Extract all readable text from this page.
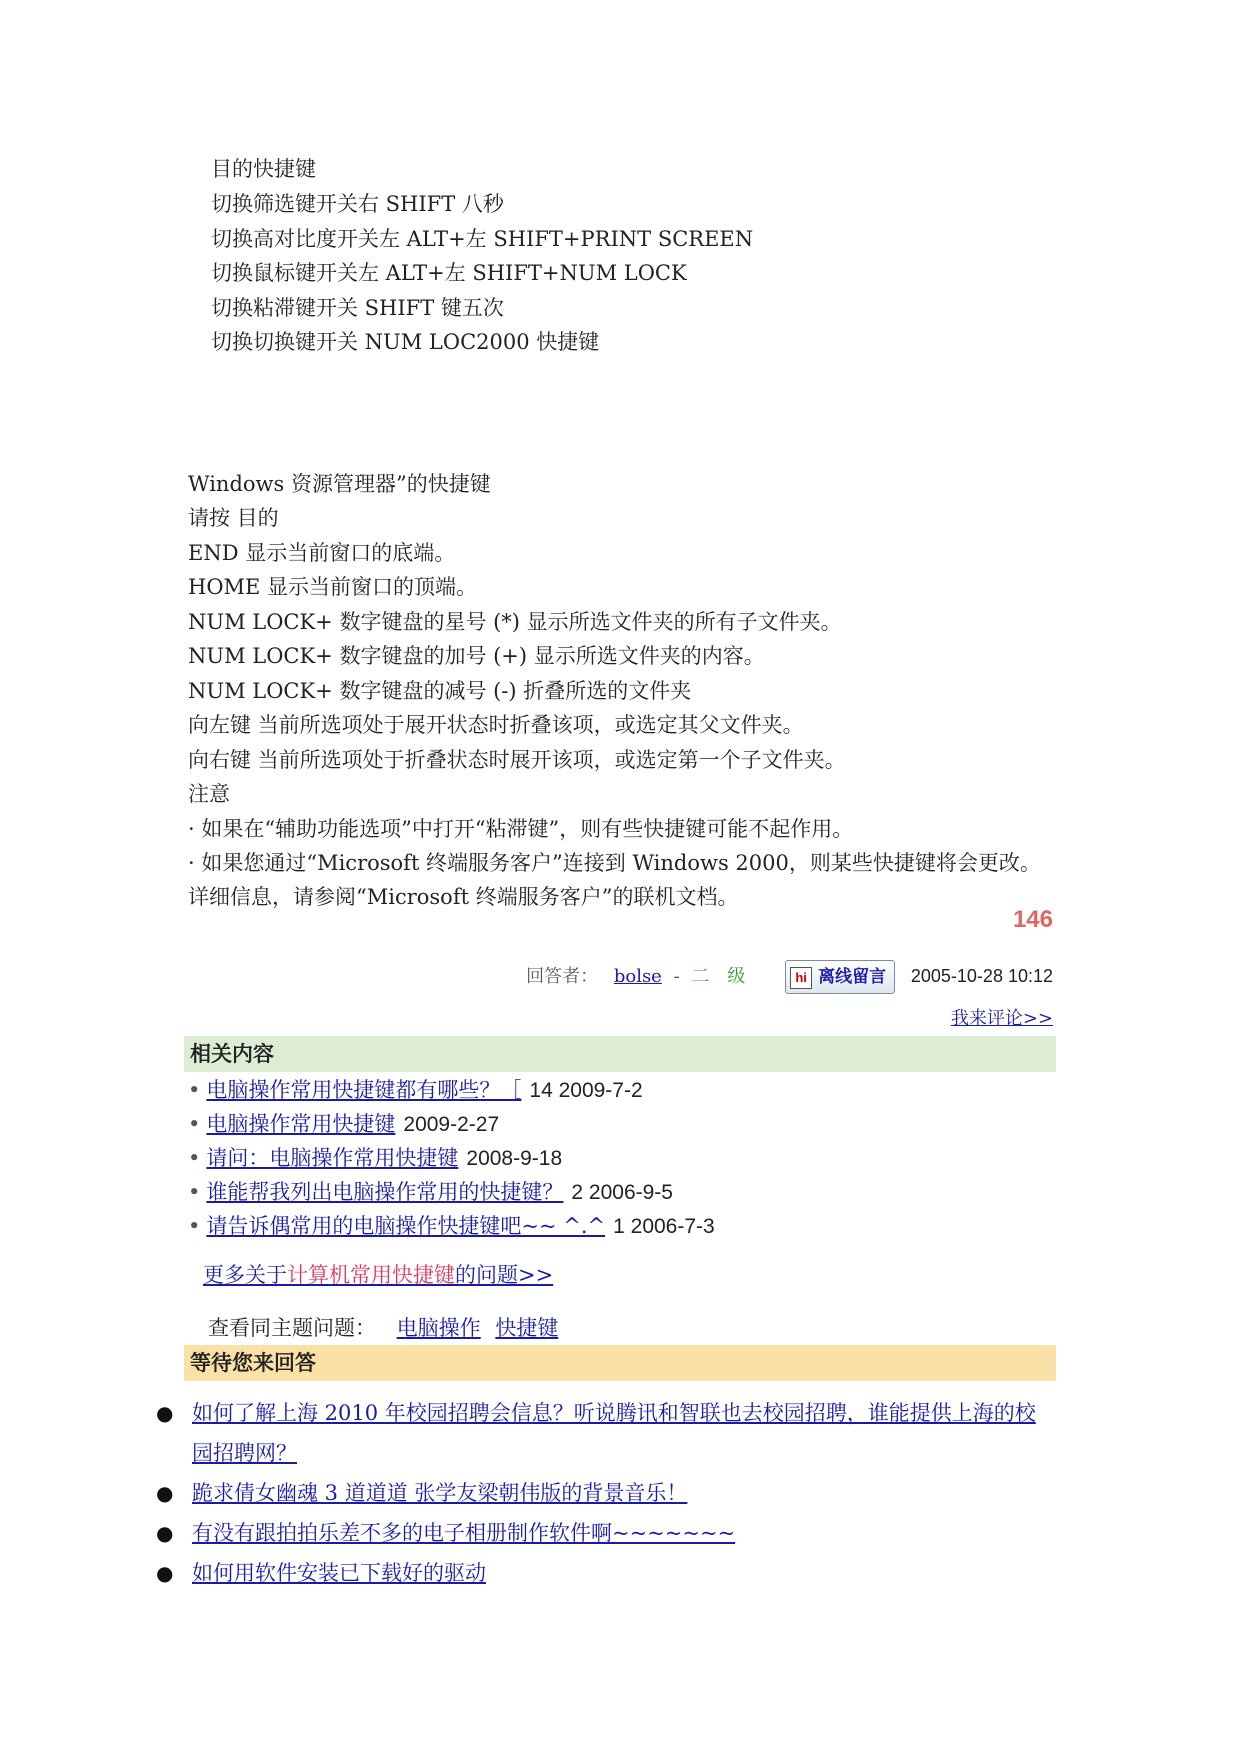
目的快捷键
切换筛选键开关右 SHIFT 八秒
切换高对比度开关左 ALT+左 SHIFT+PRINT SCREEN
切换鼠标键开关左 ALT+左 SHIFT+NUM LOCK
切换粘滞键开关 SHIFT 键五次
切换切换键开关 NUM LOC2000 快捷键
Windows 资源管理器”的快捷键
请按 目的
END 显示当前窗口的底端。
HOME 显示当前窗口的顶端。
NUM LOCK+ 数字键盘的星号 (*) 显示所选文件夹的所有子文件夹。
NUM LOCK+ 数字键盘的加号 (+) 显示所选文件夹的内容。
NUM LOCK+ 数字键盘的减号 (-) 折叠所选的文件夹
向左键 当前所选项处于展开状态时折叠该项，或选定其父文件夹。
向右键 当前所选项处于折叠状态时展开该项，或选定第一个子文件夹。
注意
· 如果在“辅助功能选项”中打开“粘滞键”，则有些快捷键可能不起作用。
· 如果您通过“Microsoft 终端服务客户”连接到 Windows 2000，则某些快捷键将会更改。详细信息，请参阅“Microsoft 终端服务客户”的联机文档。
146
回答者： bolse - 二　级	hi 离线留言 2005-10-28 10:12
我来评论>>
相关内容
• 电脑操作常用快捷键都有哪些？［ 14 2009-7-2
• 电脑操作常用快捷键 2009-2-27
• 请问：电脑操作常用快捷键 2008-9-18
• 谁能帮我列出电脑操作常用的快捷键？ 2 2006-9-5
• 请告诉偶常用的电脑操作快捷键吧~~ ^.^ 1 2006-7-3
更多关于计算机常用快捷键的问题>>
查看同主题问题： 电脑操作 快捷键
等待您来回答
● 如何了解上海 2010 年校园招聘会信息？听说腾讯和智联也去校园招聘，谁能提供上海的校园招聘网？
● 跪求倩女幽魂 3 道道道 张学友梁朝伟版的背景音乐！
● 有没有跟拍拍乐差不多的电子相册制作软件啊~~~~~~~
● 如何用软件安装已下载好的驱动
